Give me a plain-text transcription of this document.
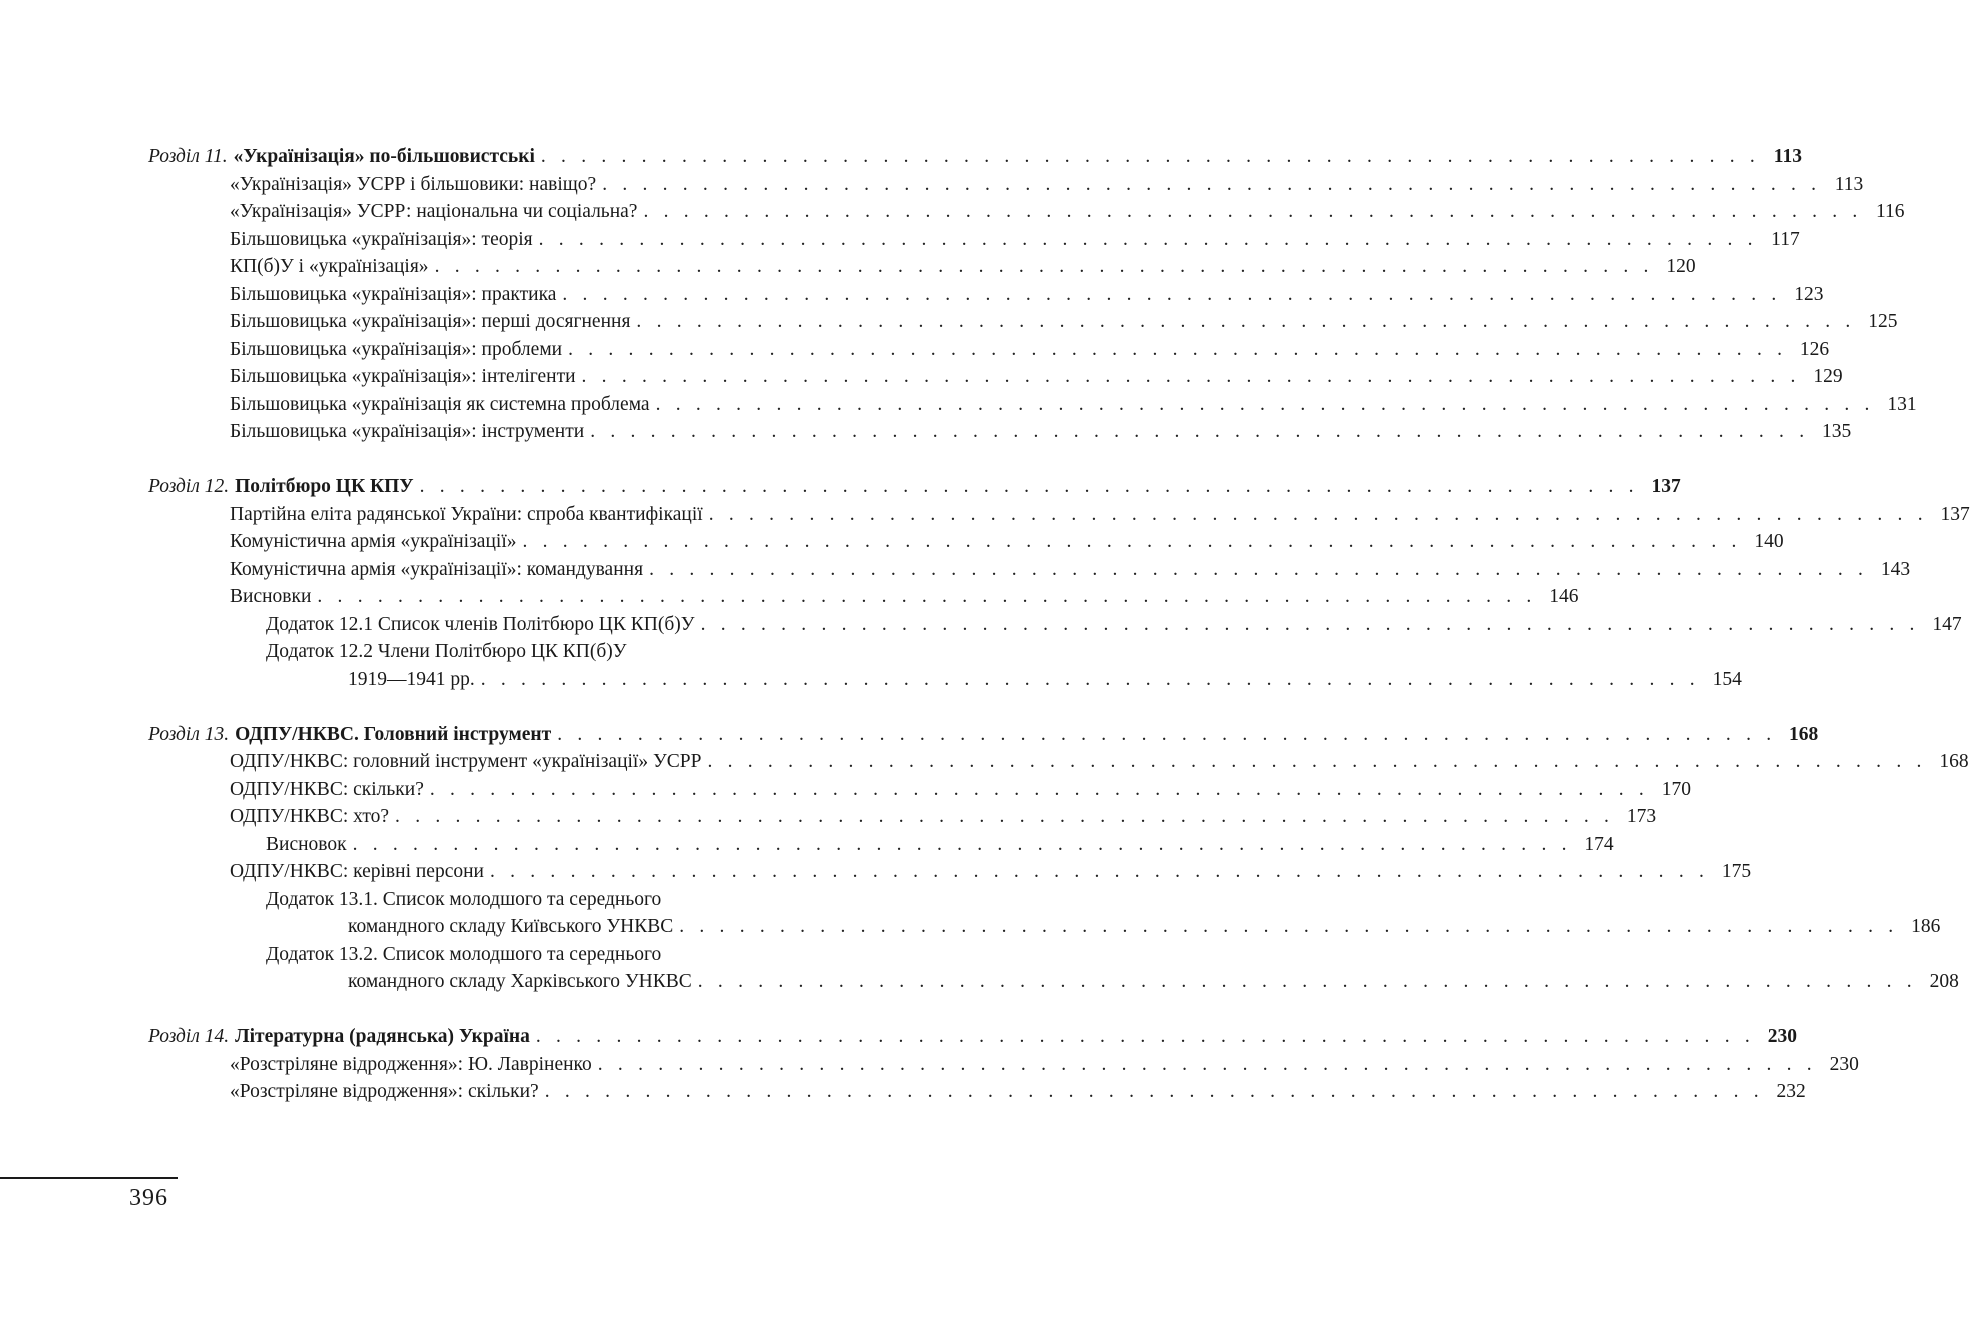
Розділ 11. «Українізація» по-більшовистські . . . . . . . . . . . . . . . . . . . . . . . . . . . . . . . . . . . . . . . . . . . . . . . . . . . . . . . . . . . . . 113
«Українізація» УСРР і більшовики: навіщо? . . . . . . . . . . . . . . . . . . . . . . . . . . . . . . . . . . . . . . . . . . . . . . . . . . . . . . . . . . . . . 113
«Українізація» УСРР: національна чи соціальна? . . . . . . . . . . . . . . . . . . . . . . . . . . . . . . . . . . . . . . . . . . . . . . . . . . . . . . . . . . . . . 116
Більшовицька «українізація»: теорія . . . . . . . . . . . . . . . . . . . . . . . . . . . . . . . . . . . . . . . . . . . . . . . . . . . . . . . . . . . . . 117
КП(б)У і «українізація» . . . . . . . . . . . . . . . . . . . . . . . . . . . . . . . . . . . . . . . . . . . . . . . . . . . . . . . . . . . . . 120
Більшовицька «українізація»: практика . . . . . . . . . . . . . . . . . . . . . . . . . . . . . . . . . . . . . . . . . . . . . . . . . . . . . . . . . . . . . 123
Більшовицька «українізація»: перші досягнення . . . . . . . . . . . . . . . . . . . . . . . . . . . . . . . . . . . . . . . . . . . . . . . . . . . . . . . . . . . . . 125
Більшовицька «українізація»: проблеми . . . . . . . . . . . . . . . . . . . . . . . . . . . . . . . . . . . . . . . . . . . . . . . . . . . . . . . . . . . . . 126
Більшовицька «українізація»: інтелігенти . . . . . . . . . . . . . . . . . . . . . . . . . . . . . . . . . . . . . . . . . . . . . . . . . . . . . . . . . . . . . 129
Більшовицька «українізація як системна проблема . . . . . . . . . . . . . . . . . . . . . . . . . . . . . . . . . . . . . . . . . . . . . . . . . . . . . . . . . . . . . 131
Більшовицька «українізація»: інструменти . . . . . . . . . . . . . . . . . . . . . . . . . . . . . . . . . . . . . . . . . . . . . . . . . . . . . . . . . . . . . 135
Розділ 12. Політбюро ЦК КПУ . . . . . . . . . . . . . . . . . . . . . . . . . . . . . . . . . . . . . . . . . . . . . . . . . . . . . . . . . . . . . 137
Партійна еліта радянської України: спроба квантифікації . . . . . . . . . . . . . . . . . . . . . . . . . . . . . . . . . . . . . . . . . . . . . . . . . . . . . . . . . . . . . 137
Комуністична армія «українізації» . . . . . . . . . . . . . . . . . . . . . . . . . . . . . . . . . . . . . . . . . . . . . . . . . . . . . . . . . . . . . 140
Комуністична армія «українізації»: командування . . . . . . . . . . . . . . . . . . . . . . . . . . . . . . . . . . . . . . . . . . . . . . . . . . . . . . . . . . . . . 143
Висновки . . . . . . . . . . . . . . . . . . . . . . . . . . . . . . . . . . . . . . . . . . . . . . . . . . . . . . . . . . . . . 146
Додаток 12.1 Список членів Політбюро ЦК КП(б)У . . . . . . . . . . . . . . . . . . . . . . . . . . . . . . . . . . . . . . . . . . . . . . . . . . . . . . . . . . . . . 147
Додаток 12.2 Члени Політбюро ЦК КП(б)У
1919—1941 рр. . . . . . . . . . . . . . . . . . . . . . . . . . . . . . . . . . . . . . . . . . . . . . . . . . . . . . . . . . . . . . 154
Розділ 13. ОДПУ/НКВС. Головний інструмент . . . . . . . . . . . . . . . . . . . . . . . . . . . . . . . . . . . . . . . . . . . . . . . . . . . . . . . . . . . . . 168
ОДПУ/НКВС: головний інструмент «українізації» УСРР . . . . . . . . . . . . . . . . . . . . . . . . . . . . . . . . . . . . . . . . . . . . . . . . . . . . . . . . . . . . . 168
ОДПУ/НКВС: скільки? . . . . . . . . . . . . . . . . . . . . . . . . . . . . . . . . . . . . . . . . . . . . . . . . . . . . . . . . . . . . . 170
ОДПУ/НКВС: хто? . . . . . . . . . . . . . . . . . . . . . . . . . . . . . . . . . . . . . . . . . . . . . . . . . . . . . . . . . . . . . 173
Висновок . . . . . . . . . . . . . . . . . . . . . . . . . . . . . . . . . . . . . . . . . . . . . . . . . . . . . . . . . . . . . 174
ОДПУ/НКВС: керівні персони . . . . . . . . . . . . . . . . . . . . . . . . . . . . . . . . . . . . . . . . . . . . . . . . . . . . . . . . . . . . . 175
Додаток 13.1. Список молодшого та середнього
командного складу Київського УНКВС . . . . . . . . . . . . . . . . . . . . . . . . . . . . . . . . . . . . . . . . . . . . . . . . . . . . . . . . . . . . . 186
Додаток 13.2. Список молодшого та середнього
командного складу Харківського УНКВС . . . . . . . . . . . . . . . . . . . . . . . . . . . . . . . . . . . . . . . . . . . . . . . . . . . . . . . . . . . . . 208
Розділ 14. Літературна (радянська) Україна . . . . . . . . . . . . . . . . . . . . . . . . . . . . . . . . . . . . . . . . . . . . . . . . . . . . . . . . . . . . . 230
«Розстріляне відродження»: Ю. Лавріненко . . . . . . . . . . . . . . . . . . . . . . . . . . . . . . . . . . . . . . . . . . . . . . . . . . . . . . . . . . . . . 230
«Розстріляне відродження»: скільки? . . . . . . . . . . . . . . . . . . . . . . . . . . . . . . . . . . . . . . . . . . . . . . . . . . . . . . . . . . . . . 232
396
